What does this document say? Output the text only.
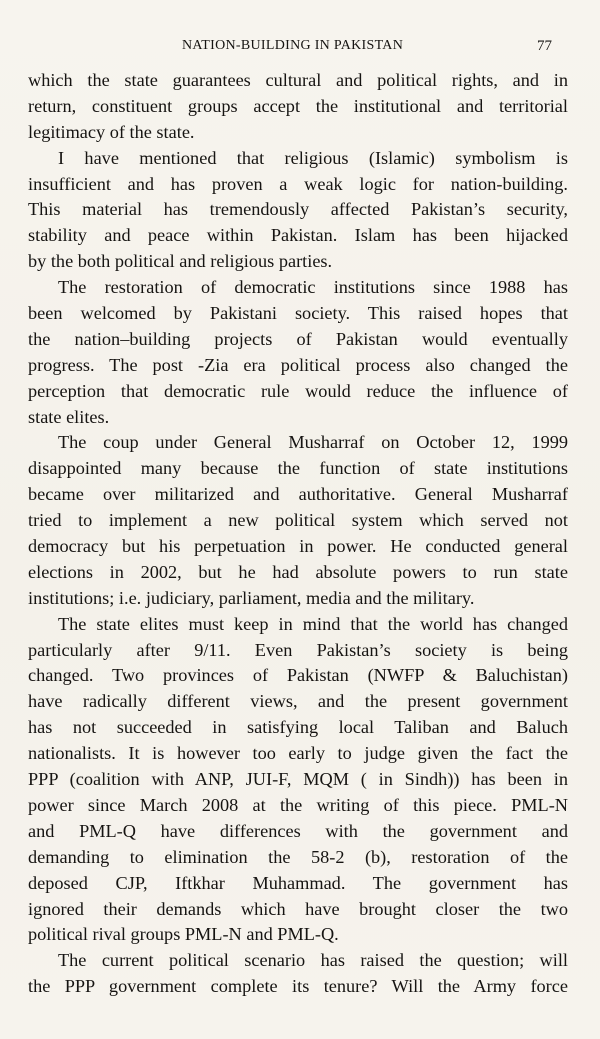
NATION-BUILDING IN PAKISTAN	77
which the state guarantees cultural and political rights, and in
return, constituent groups accept the institutional and territorial
legitimacy of the state.
I have mentioned that religious (Islamic) symbolism is
insufficient and has proven a weak logic for nation-building.
This material has tremendously affected Pakistan’s security,
stability and peace within Pakistan. Islam has been hijacked
by the both political and religious parties.
The restoration of democratic institutions since 1988 has
been welcomed by Pakistani society. This raised hopes that
the nation–building projects of Pakistan would eventually
progress. The post -Zia era political process also changed the
perception that democratic rule would reduce the influence of
state elites.
The coup under General Musharraf on October 12, 1999
disappointed many because the function of state institutions
became over militarized and authoritative. General Musharraf
tried to implement a new political system which served not
democracy but his perpetuation in power. He conducted general
elections in 2002, but he had absolute powers to run state
institutions; i.e. judiciary, parliament, media and the military.
The state elites must keep in mind that the world has changed
particularly after 9/11. Even Pakistan’s society is being
changed. Two provinces of Pakistan (NWFP & Baluchistan)
have radically different views, and the present government
has not succeeded in satisfying local Taliban and Baluch
nationalists. It is however too early to judge given the fact the
PPP (coalition with ANP, JUI-F, MQM ( in Sindh)) has been in
power since March 2008 at the writing of this piece. PML-N
and PML-Q have differences with the government and
demanding to elimination the 58-2 (b), restoration of the
deposed CJP, Iftkhar Muhammad. The government has
ignored their demands which have brought closer the two
political rival groups PML-N and PML-Q.
The current political scenario has raised the question; will
the PPP government complete its tenure? Will the Army force
